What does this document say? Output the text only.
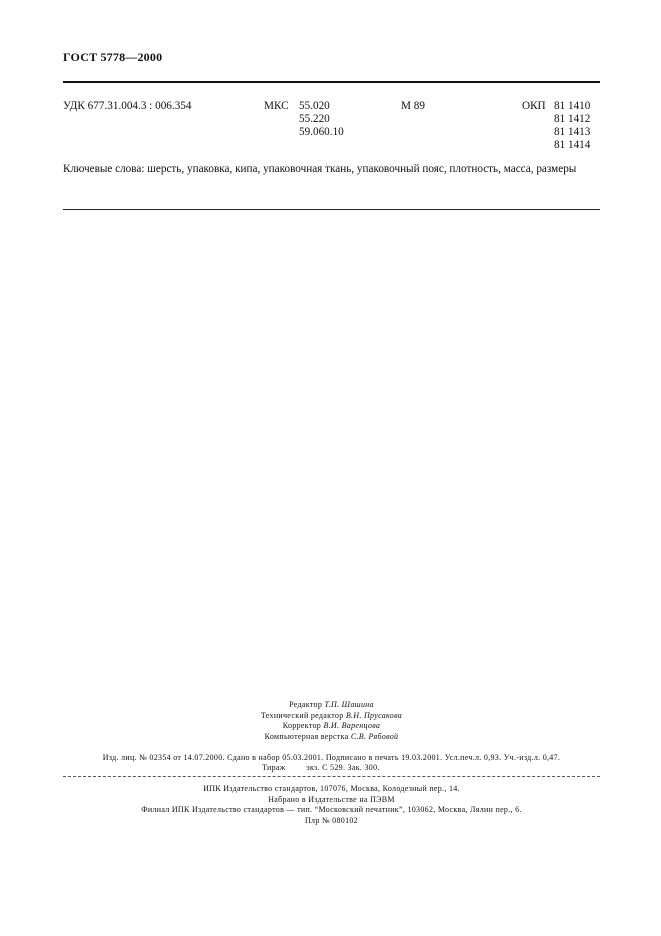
ГОСТ 5778—2000
УДК 677.31.004.3 : 006.354	МКС 55.020
55.220
59.060.10
М 89	ОКП 81 1410
81 1412
81 1413
81 1414
Ключевые слова: шерсть, упаковка, кипа, упаковочная ткань, упаковочный пояс, плотность, масса, размеры
Редактор Т.П. Шашина
Технический редактор В.Н. Прусакова
Корректор В.И. Варенцова
Компьютерная верстка С.В. Рябовой
Изд. лиц. № 02354 от 14.07.2000. Сдано в набор 05.03.2001. Подписано в печать 19.03.2001. Усл.печ.л. 0,93. Уч.-изд.л. 0,47.
Тираж         экз. С 529. Зак. 300.
ИПК Издательство стандартов, 107076, Москва, Колодезный пер., 14.
Набрано в Издательстве на ПЭВМ
Филиал ИПК Издательство стандартов — тип. “Московский печатник”, 103062, Москва, Лялин пер., 6.
Плр № 080102
